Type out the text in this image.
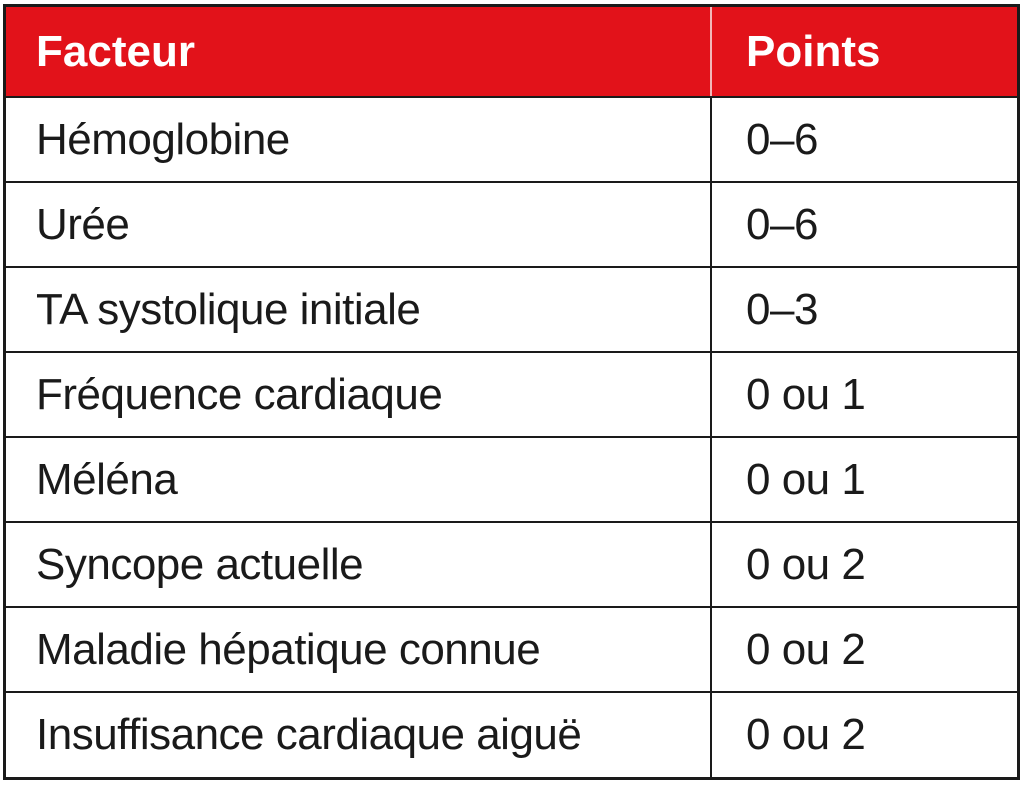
Facteur	Points
Hémoglobine	0–6
Urée	0–6
TA systolique initiale	0–3
Fréquence cardiaque	0 ou 1
Méléna	0 ou 1
Syncope actuelle	0 ou 2
Maladie hépatique connue	0 ou 2
Insuffisance cardiaque aiguë	0 ou 2
